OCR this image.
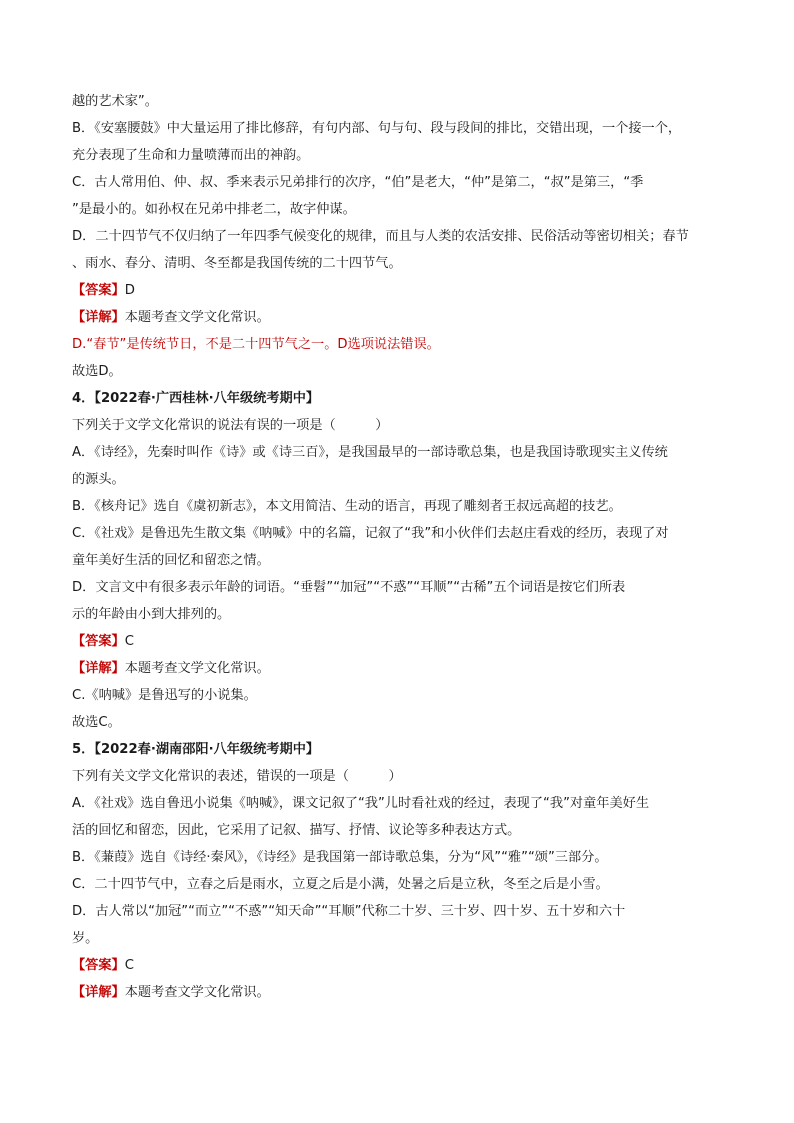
越的艺术家”。
B．《安塞腰鼓》中大量运用了排比修辞，有句内部、句与句、段与段间的排比，交错出现，一个接一个，
充分表现了生命和力量喷薄而出的神韵。
C．古人常用伯、仲、叔、季来表示兄弟排行的次序，“伯”是老大，“仲”是第二，“叔”是第三，“季
”是最小的。如孙权在兄弟中排老二，故字仲谋。
D．二十四节气不仅归纳了一年四季气候变化的规律，而且与人类的农活安排、民俗活动等密切相关；春节
、雨水、春分、清明、冬至都是我国传统的二十四节气。
【答案】D
【详解】本题考查文学文化常识。
D.“春节”是传统节日，不是二十四节气之一。D选项说法错误。
故选D。
4．【2022春·广西桂林·八年级统考期中】
下列关于文学文化常识的说法有误的一项是（　　　）
A．《诗经》，先秦时叫作《诗》或《诗三百》，是我国最早的一部诗歌总集，也是我国诗歌现实主义传统
的源头。
B．《核舟记》选自《虞初新志》，本文用简洁、生动的语言，再现了雕刻者王叔远高超的技艺。
C．《社戏》是鲁迅先生散文集《呐喊》中的名篇，记叙了“我”和小伙伴们去赵庄看戏的经历，表现了对
童年美好生活的回忆和留恋之情。
D．文言文中有很多表示年龄的词语。“垂髫”“加冠”“不惑”“耳顺”“古稀”五个词语是按它们所表
示的年龄由小到大排列的。
【答案】C
【详解】本题考查文学文化常识。
C.《呐喊》是鲁迅写的小说集。
故选C。
5．【2022春·湖南邵阳·八年级统考期中】
下列有关文学文化常识的表述，错误的一项是（　　　）
A．《社戏》选自鲁迅小说集《呐喊》，课文记叙了“我”儿时看社戏的经过，表现了“我”对童年美好生
活的回忆和留恋，因此，它采用了记叙、描写、抒情、议论等多种表达方式。
B．《蒹葭》选自《诗经·秦风》，《诗经》是我国第一部诗歌总集，分为“风”“雅”“颂”三部分。
C．二十四节气中，立春之后是雨水，立夏之后是小满，处暑之后是立秋，冬至之后是小雪。
D．古人常以“加冠”“而立”“不惑”“知天命”“耳顺”代称二十岁、三十岁、四十岁、五十岁和六十
岁。
【答案】C
【详解】本题考查文学文化常识。
